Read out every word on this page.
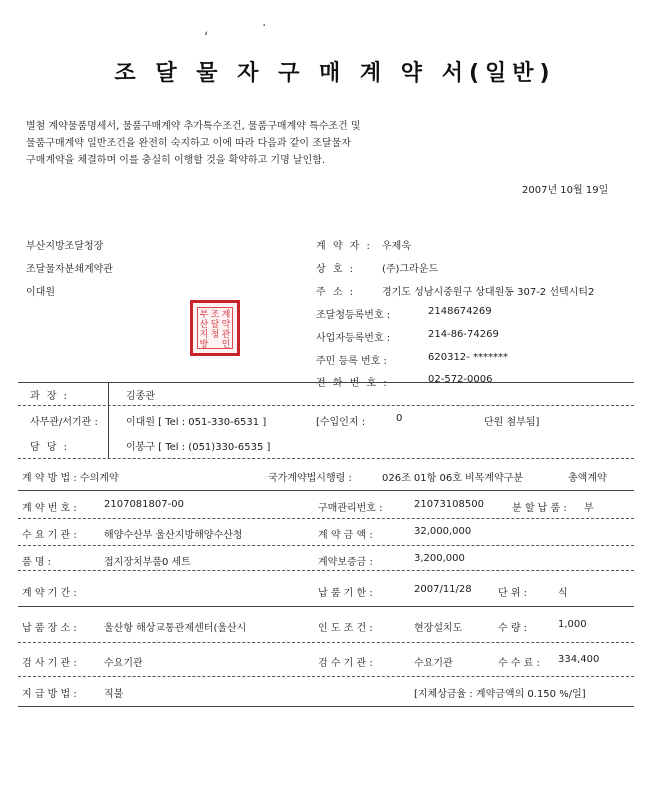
조 달 물 자 구 매 계 약 서(일반)
별첨 계약물품명세서, 물품구매계약 추가특수조건, 물품구매계약 특수조건 및
물품구매계약 일반조건을 완전히 숙지하고 이에 따라 다음과 같이 조달물자
구매계약을 체결하며 이를 충실히 이행할 것을 확약하고 기명 날인함.
2007년 10월 19일
부산지방조달청장
조달물자분쇄계약관
이대원
부
산
지
방
조
달
청
계
약
관
인
계 약 자 : 우제욱
상 호 :	(주)그라운드
주 소 :	경기도 성남시중원구 상대원동 307-2 선텍시티2
조달청등록번호 :	2148674269
사업자등록번호 :	214-86-74269
주민 등록 번호 :	620312- *******
전 화 번 호 :	02-572-0006
과 장 :	김종관
사무관/서기관 :	이대원 [ Tel : 051-330-6531 ]	[수입인지 :	0	단원 첨부됨]
담 당 :	이봉구 [ Tel : (051)330-6535 ]
계 약 방 법 : 수의계약	국가계약법시행령 :	026조 01항 06호 비목계약구분	총액계약
계 약 번 호 :	2107081807-00	구매관리번호 :	21073108500	분 할 납 품 : 부
수 요 기 관 :	해양수산부 울산지방해양수산청	계 약 금 액 :	32,000,000
품 명 :	접지장치부품0 세트	계약보증금 :	3,200,000
계 약 기 간 :	납 품 기 한 :	2007/11/28	단 위 :	식
납 품 장 소 :	울산항 해상교통관제센터(울산시	인 도 조 건 :	현장설치도	수 량 :	1,000
검 사 기 관 :	수요기관	검 수 기 관 :	수요기관	수 수 료 : 334,400
지 급 방 법 :	직불	[지체상금율 : 계약금액의 0.150 %/일]
‘
·
